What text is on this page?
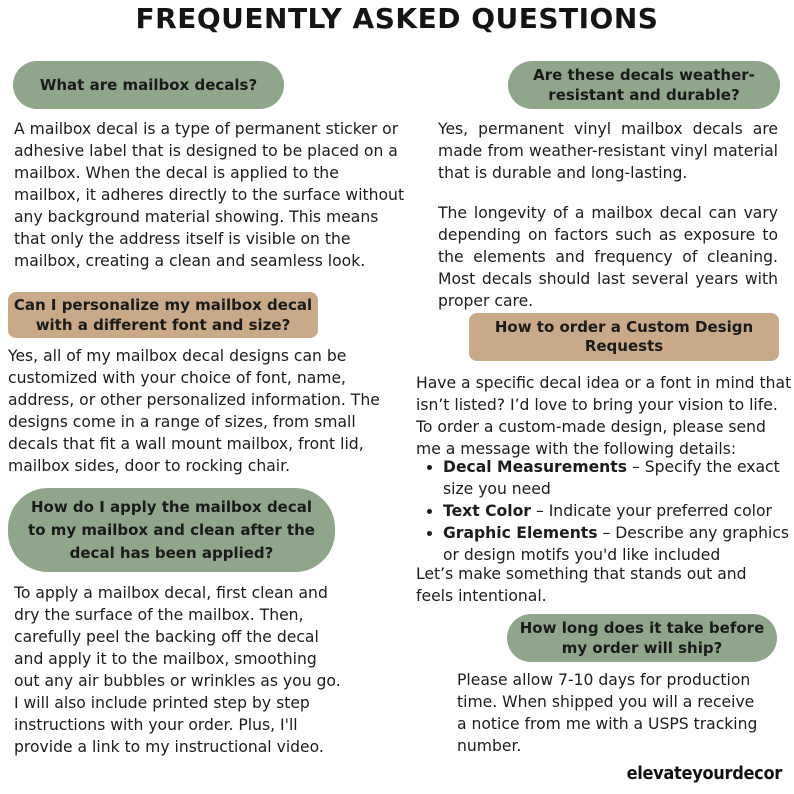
FREQUENTLY ASKED QUESTIONS
What are mailbox decals?
A mailbox decal is a type of permanent sticker or adhesive label that is designed to be placed on a mailbox. When the decal is applied to the mailbox, it adheres directly to the surface without any background material showing. This means that only the address itself is visible on the mailbox, creating a clean and seamless look.
Can I personalize my mailbox decal with a different font and size?
Yes, all of my mailbox decal designs can be customized with your choice of font, name, address, or other personalized information. The designs come in a range of sizes, from small decals that fit a wall mount mailbox, front lid, mailbox sides, door to rocking chair.
How do I apply the mailbox decal to my mailbox and clean after the decal has been applied?
To apply a mailbox decal, first clean and dry the surface of the mailbox. Then, carefully peel the backing off the decal and apply it to the mailbox, smoothing out any air bubbles or wrinkles as you go. I will also include printed step by step instructions with your order. Plus, I'll provide a link to my instructional video.
Are these decals weather-resistant and durable?
Yes, permanent vinyl mailbox decals are made from weather-resistant vinyl material that is durable and long-lasting.
The longevity of a mailbox decal can vary depending on factors such as exposure to the elements and frequency of cleaning. Most decals should last several years with proper care.
How to order a Custom Design Requests
Have a specific decal idea or a font in mind that isn’t listed? I’d love to bring your vision to life. To order a custom-made design, please send me a message with the following details:
• Decal Measurements – Specify the exact size you need
• Text Color – Indicate your preferred color
• Graphic Elements – Describe any graphics or design motifs you'd like included
Let’s make something that stands out and feels intentional.
How long does it take before my order will ship?
Please allow 7-10 days for production time. When shipped you will a receive a notice from me with a USPS tracking number.
elevateyourdecor
